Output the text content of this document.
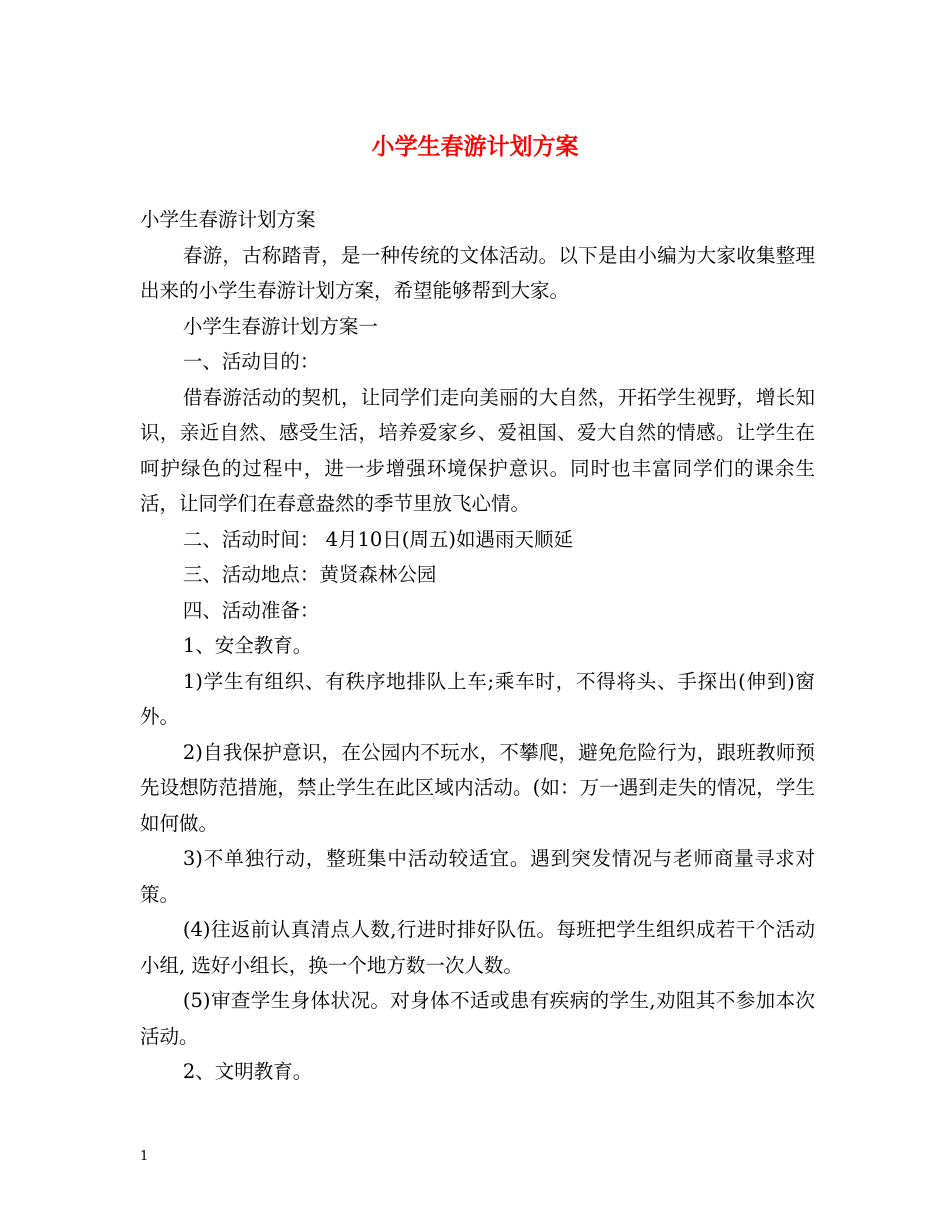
小学生春游计划方案

小学生春游计划方案

春游，古称踏青，是一种传统的文体活动。以下是由小编为大家收集整理出来的小学生春游计划方案，希望能够帮到大家。

小学生春游计划方案一

一、活动目的：

借春游活动的契机，让同学们走向美丽的大自然，开拓学生视野，增长知识，亲近自然、感受生活，培养爱家乡、爱祖国、爱大自然的情感。让学生在呵护绿色的过程中，进一步增强环境保护意识。同时也丰富同学们的课余生活，让同学们在春意盎然的季节里放飞心情。

二、活动时间： 4月10日(周五)如遇雨天顺延

三、活动地点：黄贤森林公园

四、活动准备：

1、安全教育。

1)学生有组织、有秩序地排队上车;乘车时，不得将头、手探出(伸到)窗外。

2)自我保护意识，在公园内不玩水，不攀爬，避免危险行为，跟班教师预先设想防范措施，禁止学生在此区域内活动。(如：万一遇到走失的情况，学生如何做。

3)不单独行动，整班集中活动较适宜。遇到突发情况与老师商量寻求对策。

(4)往返前认真清点人数,行进时排好队伍。每班把学生组织成若干个活动小组, 选好小组长，换一个地方数一次人数。

(5)审查学生身体状况。对身体不适或患有疾病的学生,劝阻其不参加本次活动。

2、文明教育。

1
